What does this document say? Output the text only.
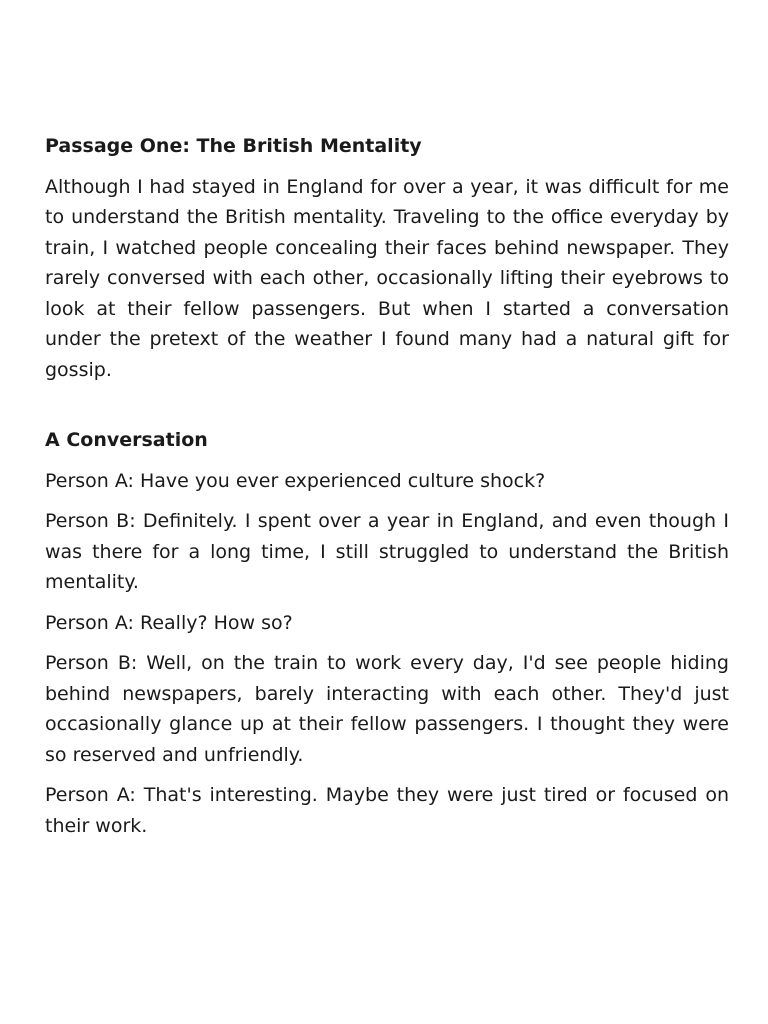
Passage One: The British Mentality
Although I had stayed in England for over a year, it was difficult for me to understand the British mentality. Traveling to the office everyday by train, I watched people concealing their faces behind newspaper. They rarely conversed with each other, occasionally lifting their eyebrows to look at their fellow passengers. But when I started a conversation under the pretext of the weather I found many had a natural gift for gossip.
A Conversation
Person A: Have you ever experienced culture shock?
Person B: Definitely. I spent over a year in England, and even though I was there for a long time, I still struggled to understand the British mentality.
Person A: Really? How so?
Person B: Well, on the train to work every day, I'd see people hiding behind newspapers, barely interacting with each other. They'd just occasionally glance up at their fellow passengers. I thought they were so reserved and unfriendly.
Person A: That's interesting. Maybe they were just tired or focused on their work.
